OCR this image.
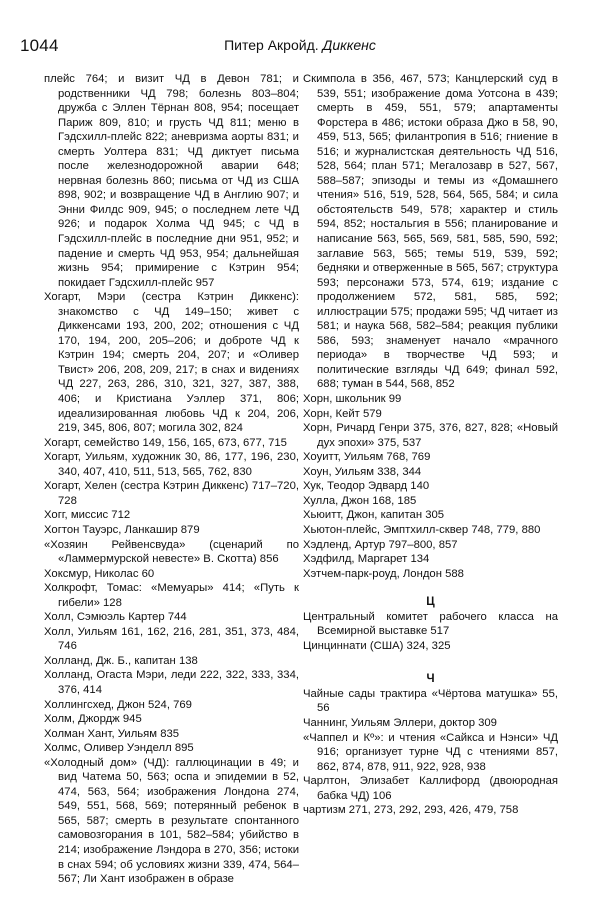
1044	Питер Акройд. Диккенс
плейс 764; и визит ЧД в Девон 781; и родственники ЧД 798; болезнь 803–804; дружба с Эллен Тёрнан 808, 954; посещает Париж 809, 810; и грусть ЧД 811; меню в Гэдсхилл-плейс 822; аневризма аорты 831; и смерть Уолтера 831; ЧД диктует письма после железнодорожной аварии 648; нервная болезнь 860; письма от ЧД из США 898, 902; и возвращение ЧД в Англию 907; и Энни Филдс 909, 945; о последнем лете ЧД 926; и подарок Холма ЧД 945; с ЧД в Гэдсхилл-плейс в последние дни 951, 952; и падение и смерть ЧД 953, 954; дальнейшая жизнь 954; примирение с Кэтрин 954; покидает Гэдсхилл-плейс 957
Хогарт, Мэри (сестра Кэтрин Диккенс): знакомство с ЧД 149–150; живет с Диккенсами 193, 200, 202; отношения с ЧД 170, 194, 200, 205–206; и доброте ЧД к Кэтрин 194; смерть 204, 207; и «Оливер Твист» 206, 208, 209, 217; в снах и видениях ЧД 227, 263, 286, 310, 321, 327, 387, 388, 406; и Кристиана Уэллер 371, 806; идеализированная любовь ЧД к 204, 206, 219, 345, 806, 807; могила 302, 824
Хогарт, семейство 149, 156, 165, 673, 677, 715
Хогарт, Уильям, художник 30, 86, 177, 196, 230, 340, 407, 410, 511, 513, 565, 762, 830
Хогарт, Хелен (сестра Кэтрин Диккенс) 717–720, 728
Хогг, миссис 712
Хогтон Тауэрс, Ланкашир 879
«Хозяин Рейвенсвуда» (сценарий по «Ламмермурской невесте» В. Скотта) 856
Хоксмур, Николас 60
Холкрофт, Томас: «Мемуары» 414; «Путь к гибели» 128
Холл, Сэмюэль Картер 744
Холл, Уильям 161, 162, 216, 281, 351, 373, 484, 746
Холланд, Дж. Б., капитан 138
Холланд, Огаста Мэри, леди 222, 322, 333, 334, 376, 414
Холлингсхед, Джон 524, 769
Холм, Джордж 945
Холман Хант, Уильям 835
Холмс, Оливер Уэнделл 895
«Холодный дом» (ЧД): галлюцинации в 49; и вид Чатема 50, 563; оспа и эпидемии в 52, 474, 563, 564; изображения Лондона 274, 549, 551, 568, 569; потерянный ребенок в 565, 587; смерть в результате спонтанного самовозгорания в 101, 582–584; убийство в 214; изображение Лэндора в 270, 356; истоки в снах 594; об условиях жизни 339, 474, 564–567; Ли Хант изображен в образе
Скимпола в 356, 467, 573; Канцлерский суд в 539, 551; изображение дома Уотсона в 439; смерть в 459, 551, 579; апартаменты Форстера в 486; истоки образа Джо в 58, 90, 459, 513, 565; филантропия в 516; гниение в 516; и журналистская деятельность ЧД 516, 528, 564; план 571; Мегалозавр в 527, 567, 588–587; эпизоды и темы из «Домашнего чтения» 516, 519, 528, 564, 565, 584; и сила обстоятельств 549, 578; характер и стиль 594, 852; ностальгия в 556; планирование и написание 563, 565, 569, 581, 585, 590, 592; заглавие 563, 565; темы 519, 539, 592; бедняки и отверженные в 565, 567; структура 593; персонажи 573, 574, 619; издание с продолжением 572, 581, 585, 592; иллюстрации 575; продажи 595; ЧД читает из 581; и наука 568, 582–584; реакция публики 586, 593; знаменует начало «мрачного периода» в творчестве ЧД 593; и политические взгляды ЧД 649; финал 592, 688; туман в 544, 568, 852
Хорн, школьник 99
Хорн, Кейт 579
Хорн, Ричард Генри 375, 376, 827, 828; «Новый дух эпохи» 375, 537
Хоуитт, Уильям 768, 769
Хоун, Уильям 338, 344
Хук, Теодор Эдвард 140
Хулла, Джон 168, 185
Хьюитт, Джон, капитан 305
Хьютон-плейс, Эмптхилл-сквер 748, 779, 880
Хэдленд, Артур 797–800, 857
Хэдфилд, Маргарет 134
Хэтчем-парк-роуд, Лондон 588
Ц
Центральный комитет рабочего класса на Всемирной выставке 517
Цинциннати (США) 324, 325
Ч
Чайные сады трактира «Чёртова матушка» 55, 56
Чаннинг, Уильям Эллери, доктор 309
«Чаппел и Кº»: и чтения «Сайкса и Нэнси» ЧД 916; организует турне ЧД с чтениями 857, 862, 874, 878, 911, 922, 928, 938
Чарлтон, Элизабет Каллифорд (двоюродная бабка ЧД) 106
чартизм 271, 273, 292, 293, 426, 479, 758
